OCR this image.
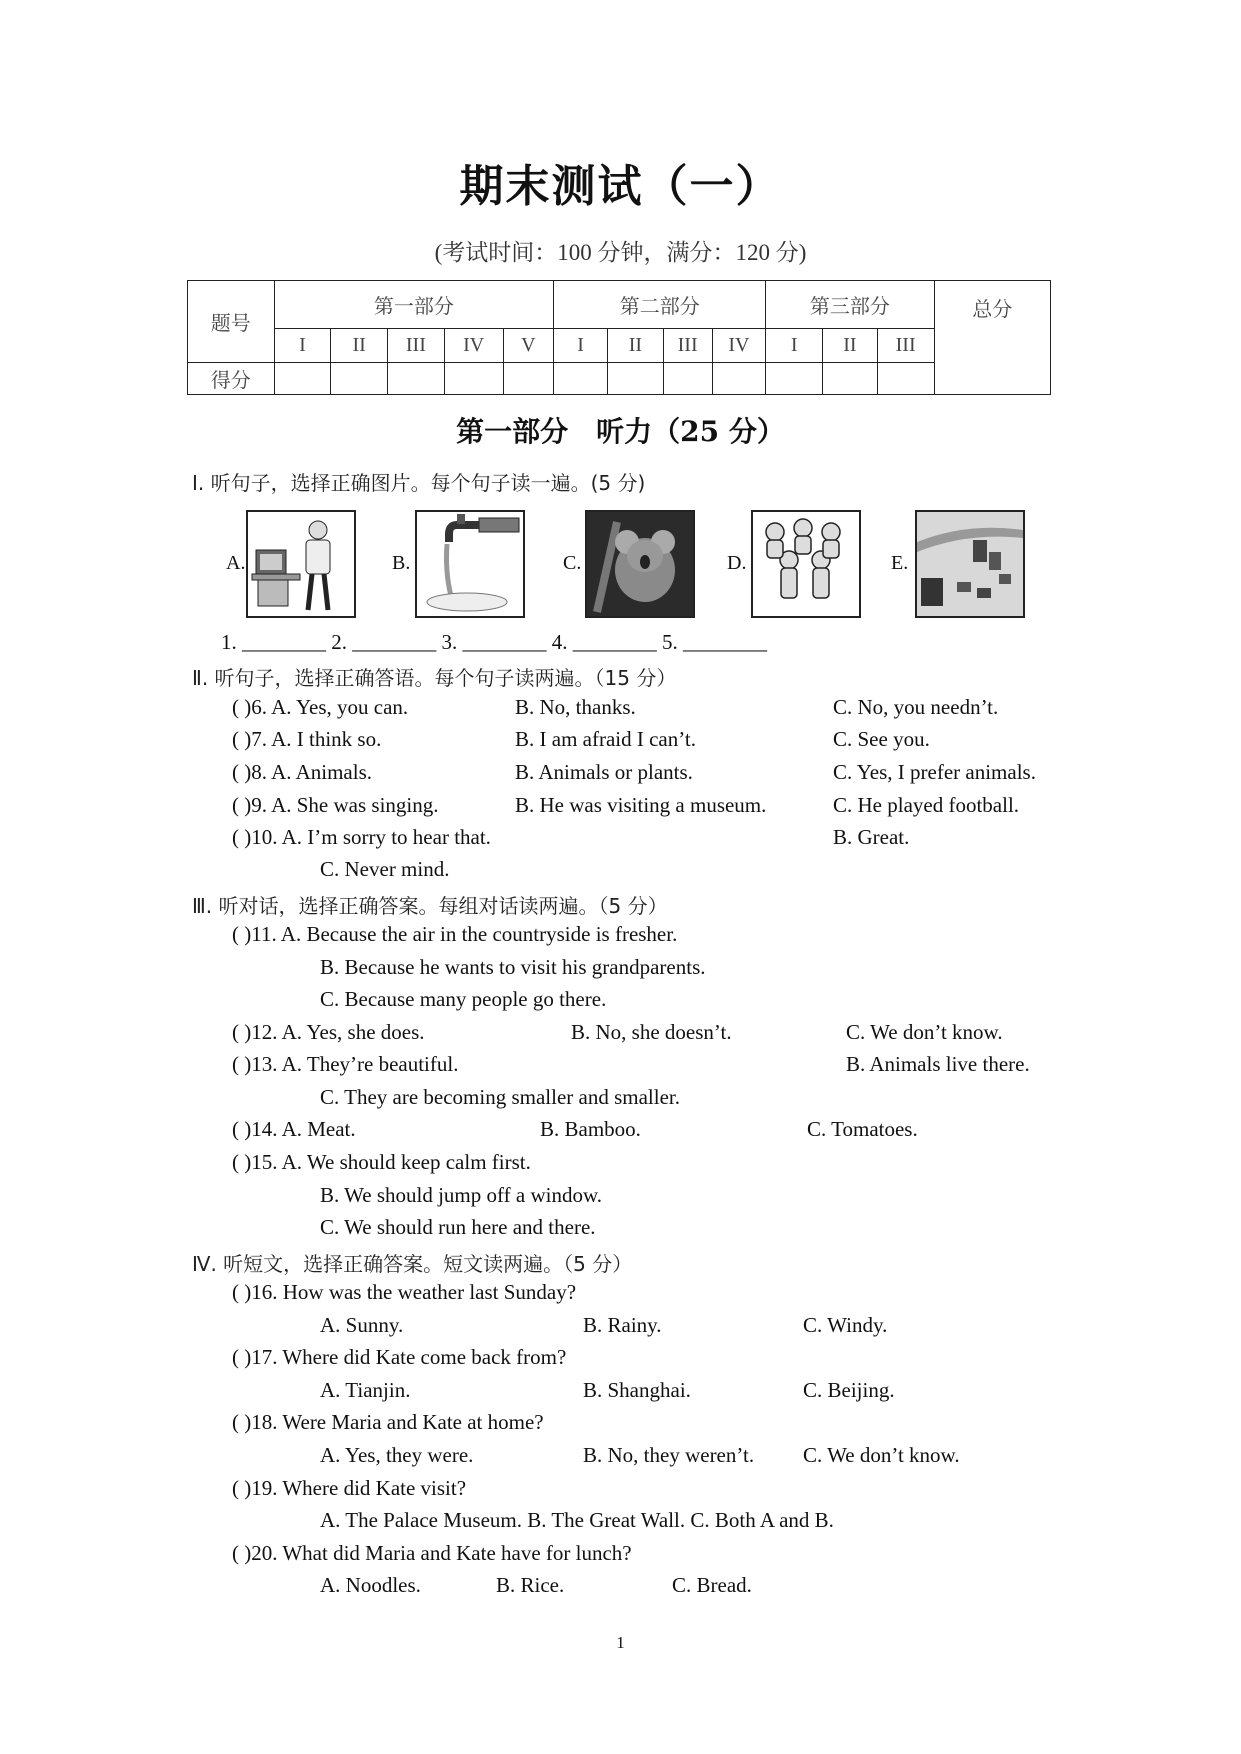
期末测试（一）
(考试时间：100 分钟，满分：120 分)
题号	第一部分					第二部分				第三部分			总分
	I	II	III	IV	V	I	II	III	IV	I	II	III	
得分													
第一部分　听力（25 分）
Ⅰ. 听句子，选择正确图片。每个句子读一遍。(5 分)
A.	B.	C.	D.	E.
1. ________ 2. ________ 3. ________ 4. ________ 5. ________
Ⅱ. 听句子，选择正确答语。每个句子读两遍。（15 分）
( )6. A. Yes, you can.	B. No, thanks.	C. No, you needn’t.
( )7. A. I think so.	B. I am afraid I can’t.	C. See you.
( )8. A. Animals.	B. Animals or plants.	C. Yes, I prefer animals.
( )9. A. She was singing.	B. He was visiting a museum.	C. He played football.
( )10. A. I’m sorry to hear that.	B. Great.
C. Never mind.
Ⅲ. 听对话，选择正确答案。每组对话读两遍。（5 分）
( )11. A. Because the air in the countryside is fresher.
B. Because he wants to visit his grandparents.
C. Because many people go there.
( )12. A. Yes, she does.	B. No, she doesn’t.	C. We don’t know.
( )13. A. They’re beautiful.	B. Animals live there.
C. They are becoming smaller and smaller.
( )14. A. Meat.	B. Bamboo.	C. Tomatoes.
( )15. A. We should keep calm first.
B. We should jump off a window.
C. We should run here and there.
Ⅳ. 听短文，选择正确答案。短文读两遍。（5 分）
( )16. How was the weather last Sunday?
A. Sunny.	B. Rainy.	C. Windy.
( )17. Where did Kate come back from?
A. Tianjin.	B. Shanghai.	C. Beijing.
( )18. Were Maria and Kate at home?
A. Yes, they were.	B. No, they weren’t. C. We don’t know.
( )19. Where did Kate visit?
A. The Palace Museum. B. The Great Wall. C. Both A and B.
( )20. What did Maria and Kate have for lunch?
A. Noodles.	B. Rice.	C. Bread.
1
